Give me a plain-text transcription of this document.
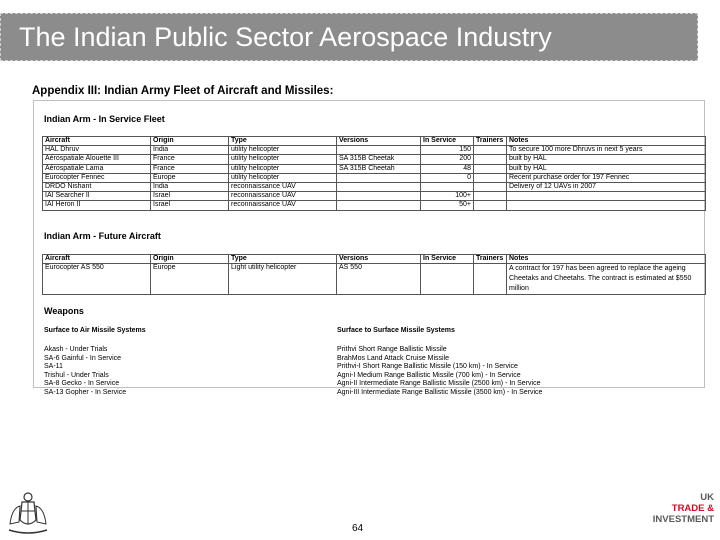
The Indian Public Sector Aerospace Industry
Appendix III: Indian Army Fleet of Aircraft and Missiles:
Indian Arm - In Service Fleet
Aircraft	Origin	Type	Versions	In Service	Trainers	Notes
HAL Dhruv	India	utility helicopter		150		To secure 100 more Dhruvs in next 5 years
Aérospatiale Alouette III	France	utility helicopter	SA 315B Cheetak	200		built by HAL
Aérospatiale Lama	France	utility helicopter	SA 315B Cheetah	48		built by HAL
Eurocopter Fennec	Europe	utility helicopter		0		Recent purchase order for 197 Fennec
DRDO Nishant	India	reconnaissance UAV				Delivery of 12 UAVs in 2007
IAI Searcher II	Israel	reconnaissance UAV		100+		
IAI Heron II	Israel	reconnaissance UAV		50+		
Indian Arm - Future Aircraft
Aircraft	Origin	Type	Versions	In Service	Trainers	Notes
Eurocopter AS 550	Europe	Light utility helicopter	AS 550			A contract for 197 has been agreed to replace the ageing Cheetaks and Cheetahs. The contract is estimated at $550 million
Weapons
Surface to Air Missile Systems
Akash - Under Trials
SA-6 Gainful - In Service
SA-11
Trishul - Under Trials
SA-8 Gecko - In Service
SA-13 Gopher - In Service
Surface to Surface Missile Systems
Prithvi Short Range Ballistic Missile
BrahMos Land Attack Cruise Missile
Prithvi-I Short Range Ballistic Missile (150 km) - In Service
Agni-I Medium Range Ballistic Missile (700 km) - In Service
Agni-II Intermediate Range Ballistic Missile (2500 km) - In Service
Agni-III Intermediate Range Ballistic Missile (3500 km) - In Service
64
UK
TRADE &
INVESTMENT
